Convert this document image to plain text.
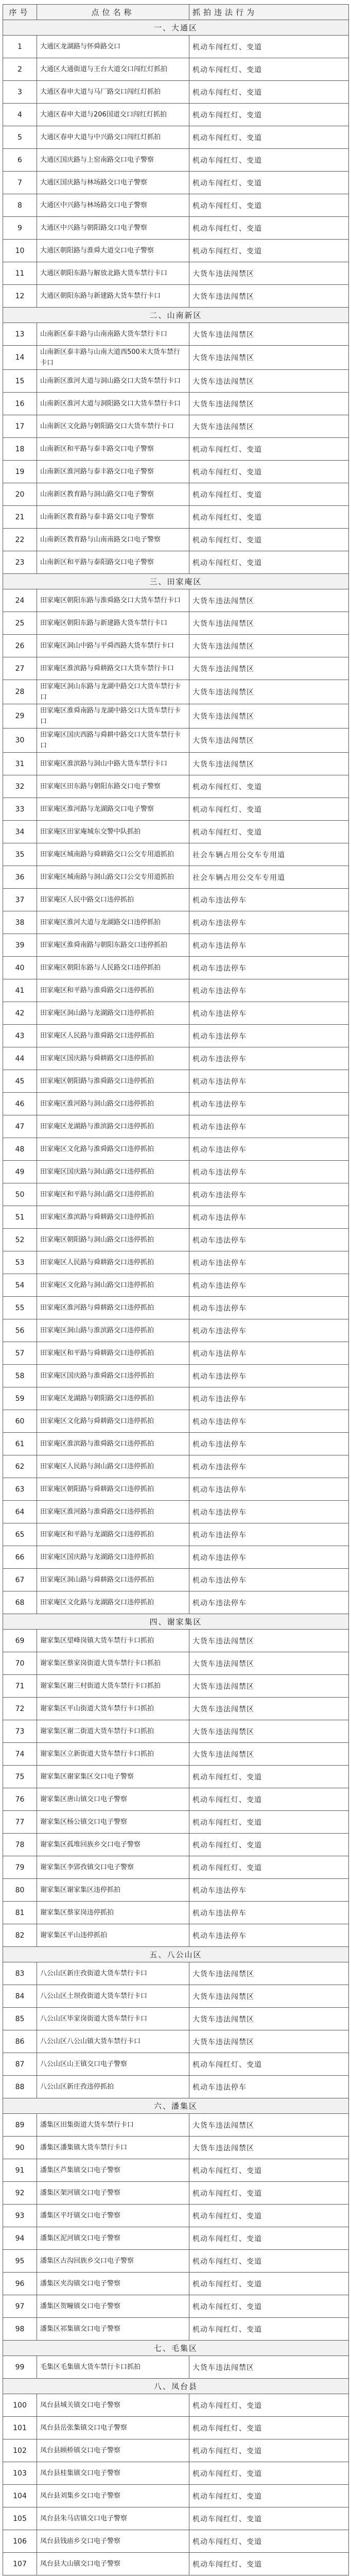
序号	点位名称	抓拍违法行为
一、大通区		
1	大通区龙湖路与怀舜路交口	机动车闯红灯、变道
2	大通区大通街道与王台大道交口闯红灯抓拍	机动车闯红灯、变道
3	大通区春申大道与马厂路交口闯红灯抓拍	机动车闯红灯、变道
4	大通区春申大道与206国道交口闯红灯抓拍	机动车闯红灯、变道
5	大通区春申大道与中兴路交口闯红灯抓拍	机动车闯红灯、变道
6	大通区国庆路与上窑南路交口电子警察	机动车闯红灯、变道
7	大通区国庆路与林场路交口电子警察	机动车闯红灯、变道
8	大通区中兴路与林场路交口电子警察	机动车闯红灯、变道
9	大通区中兴路与朝阳路交口电子警察	机动车闯红灯、变道
10	大通区朝阳路与淮舜大道交口电子警察	机动车闯红灯、变道
11	大通区朝阳东路与解放北路大货车禁行卡口	大货车违法闯禁区
12	大通区朝阳东路与新建路大货车禁行卡口	大货车违法闯禁区
二、山南新区		
13	山南新区泰丰路与山南南路大货车禁行卡口	大货车违法闯禁区
14	山南新区泰丰路与山南大道西500米大货车禁行卡口	大货车违法闯禁区
15	山南新区淮河大道与洞山路交口大货车禁行卡口	大货车违法闯禁区
16	山南新区淮河大道与洞阳路交口大货车禁行卡口	大货车违法闯禁区
17	山南新区文化路与朝阳路交口大货车禁行卡口	大货车违法闯禁区
18	山南新区和平路与泰丰路交口电子警察	机动车闯红灯、变道
19	山南新区淮河路与泰丰路交口电子警察	机动车闯红灯、变道
20	山南新区教育路与洞山路交口电子警察	机动车闯红灯、变道
21	山南新区教育路与泰丰路交口电子警察	机动车闯红灯、变道
22	山南新区教育路与山南南路交口电子警察	机动车闯红灯、变道
23	山南新区和平路与泰阳路交口电子警察	机动车闯红灯、变道
三、田家庵区		
24	田家庵区朝阳东路与淮舜路交口大货车禁行卡口	大货车违法闯禁区
25	田家庵区朝阳东路与新建路大货车禁行卡口	大货车违法闯禁区
26	田家庵区洞山中路与平舜西路大货车禁行卡口	大货车违法闯禁区
27	田家庵区淮滨路与舜耕路交口大货车禁行卡口	大货车违法闯禁区
28	田家庵区洞山东路与龙湖中路交口大货车禁行卡口	大货车违法闯禁区
29	田家庵区淮舜南路与龙湖中路交口大货车禁行卡口	大货车违法闯禁区
30	田家庵区国庆西路与舜耕中路交口大货车禁行卡口	大货车违法闯禁区
31	田家庵区淮滨路与洞山中路大货车禁行卡口	大货车违法闯禁区
32	田家庵区田东路与朝阳东路交口电子警察	机动车闯红灯、变道
33	田家庵区淮河路与龙湖路交口电子警察	机动车闯红灯、变道
34	田家庵区田家庵城东交警中队抓拍	机动车闯红灯、变道
35	田家庵区城南路与舜耕路交口公交专用道抓拍	社会车辆占用公交车专用道
36	田家庵区城南路与洞山路交口公交专用道抓拍	社会车辆占用公交车专用道
37	田家庵区人民中路交口违停抓拍	机动车违法停车
38	田家庵区淮河大道与龙湖路交口违停抓拍	机动车违法停车
39	田家庵区淮舜南路与朝阳东路交口违停抓拍	机动车违法停车
40	田家庵区朝阳东路与人民路交口违停抓拍	机动车违法停车
41	田家庵区和平路与淮舜路交口违停抓拍	机动车违法停车
42	田家庵区洞山路与龙湖路交口违停抓拍	机动车违法停车
43	田家庵区人民路与淮舜路交口违停抓拍	机动车违法停车
44	田家庵区国庆路与舜耕路交口违停抓拍	机动车违法停车
45	田家庵区朝阳路与淮舜路交口违停抓拍	机动车违法停车
46	田家庵区淮河路与洞山路交口违停抓拍	机动车违法停车
47	田家庵区龙湖路与淮滨路交口违停抓拍	机动车违法停车
48	田家庵区文化路与淮舜路交口违停抓拍	机动车违法停车
49	田家庵区国庆路与洞山路交口违停抓拍	机动车违法停车
50	田家庵区和平路与洞山路交口违停抓拍	机动车违法停车
51	田家庵区淮滨路与舜耕路交口违停抓拍	机动车违法停车
52	田家庵区朝阳路与洞山路交口违停抓拍	机动车违法停车
53	田家庵区人民路与舜耕路交口违停抓拍	机动车违法停车
54	田家庵区文化路与洞山路交口违停抓拍	机动车违法停车
55	田家庵区淮河路与舜耕路交口违停抓拍	机动车违法停车
56	田家庵区洞山路与淮滨路交口违停抓拍	机动车违法停车
57	田家庵区和平路与舜耕路交口违停抓拍	机动车违法停车
58	田家庵区国庆路与淮舜路交口违停抓拍	机动车违法停车
59	田家庵区龙湖路与朝阳路交口违停抓拍	机动车违法停车
60	田家庵区文化路与舜耕路交口违停抓拍	机动车违法停车
61	田家庵区淮滨路与淮舜路交口违停抓拍	机动车违法停车
62	田家庵区人民路与洞山路交口违停抓拍	机动车违法停车
63	田家庵区朝阳路与舜耕路交口违停抓拍	机动车违法停车
64	田家庵区淮河路与淮舜路交口违停抓拍	机动车违法停车
65	田家庵区和平路与龙湖路交口违停抓拍	机动车违法停车
66	田家庵区国庆路与龙湖路交口违停抓拍	机动车违法停车
67	田家庵区洞山路与舜耕路交口违停抓拍	机动车违法停车
68	田家庵区文化路与龙湖路交口违停抓拍	机动车违法停车
四、谢家集区		
69	谢家集区望峰岗镇大货车禁行卡口抓拍	大货车违法闯禁区
70	谢家集区蔡家岗街道大货车禁行卡口抓拍	大货车违法闯禁区
71	谢家集区谢三村街道大货车禁行卡口抓拍	大货车违法闯禁区
72	谢家集区平山街道大货车禁行卡口抓拍	大货车违法闯禁区
73	谢家集区谢二街道大货车禁行卡口抓拍	大货车违法闯禁区
74	谢家集区立新街道大货车禁行卡口抓拍	大货车违法闯禁区
75	谢家集区谢家集区交口电子警察	机动车闯红灯、变道
76	谢家集区唐山镇交口电子警察	机动车闯红灯、变道
77	谢家集区杨公镇交口电子警察	机动车闯红灯、变道
78	谢家集区孤堆回族乡交口电子警察	机动车闯红灯、变道
79	谢家集区李郢孜镇交口电子警察	机动车闯红灯、变道
80	谢家集区谢家集区违停抓拍	机动车违法停车
81	谢家集区蔡家岗违停抓拍	机动车违法停车
82	谢家集区平山违停抓拍	机动车违法停车
五、八公山区		
83	八公山区新庄孜街道大货车禁行卡口	大货车违法闯禁区
84	八公山区土坝孜街道大货车禁行卡口	大货车违法闯禁区
85	八公山区毕家岗街道大货车禁行卡口	大货车违法闯禁区
86	八公山区八公山镇大货车禁行卡口	大货车违法闯禁区
87	八公山区山王镇交口电子警察	机动车闯红灯、变道
88	八公山区新庄孜违停抓拍	机动车违法停车
六、潘集区		
89	潘集区田集街道大货车禁行卡口	大货车违法闯禁区
90	潘集区潘集镇大货车禁行卡口	大货车违法闯禁区
91	潘集区芦集镇交口电子警察	机动车闯红灯、变道
92	潘集区架河镇交口电子警察	机动车闯红灯、变道
93	潘集区平圩镇交口电子警察	机动车闯红灯、变道
94	潘集区泥河镇交口电子警察	机动车闯红灯、变道
95	潘集区古沟回族乡交口电子警察	机动车闯红灯、变道
96	潘集区夹沟镇交口电子警察	机动车闯红灯、变道
97	潘集区贺疃镇交口电子警察	机动车闯红灯、变道
98	潘集区祁集镇交口电子警察	机动车闯红灯、变道
七、毛集区		
99	毛集区毛集镇大货车禁行卡口抓拍	大货车违法闯禁区
八、凤台县		
100	凤台县城关镇交口电子警察	机动车闯红灯、变道
101	凤台县岳张集镇交口电子警察	机动车闯红灯、变道
102	凤台县顾桥镇交口电子警察	机动车闯红灯、变道
103	凤台县桂集镇交口电子警察	机动车闯红灯、变道
104	凤台县刘集乡交口电子警察	机动车闯红灯、变道
105	凤台县朱马店镇交口电子警察	机动车闯红灯、变道
106	凤台县钱庙乡交口电子警察	机动车闯红灯、变道
107	凤台县大山镇交口电子警察	机动车闯红灯、变道
